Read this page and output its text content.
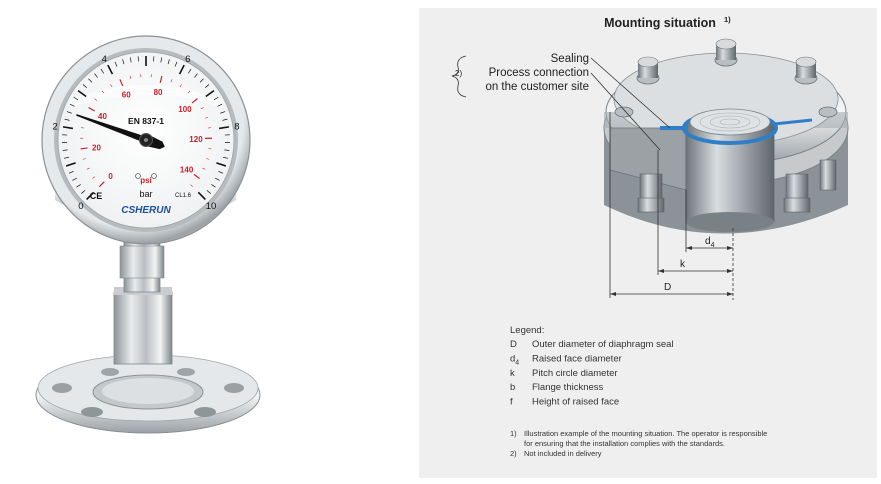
0
2
4	6
8
10
0
20
40
60	80
100
120
140
EN 837-1
psi
bar	CL1.6
CE
CSHERUN
Mounting situation 1)
2)
Sealing
Process connection
on the customer site
$d_4$
k
D
Legend:
D Outer diameter of diaphragm seal
$d_4$ Raised face diameter
k Pitch circle diameter
b Flange thickness
f Height of raised face
1) Illustration example of the mounting situation. The operator is responsible
for ensuring that the installation complies with the standards.
2) Not included in delivery
